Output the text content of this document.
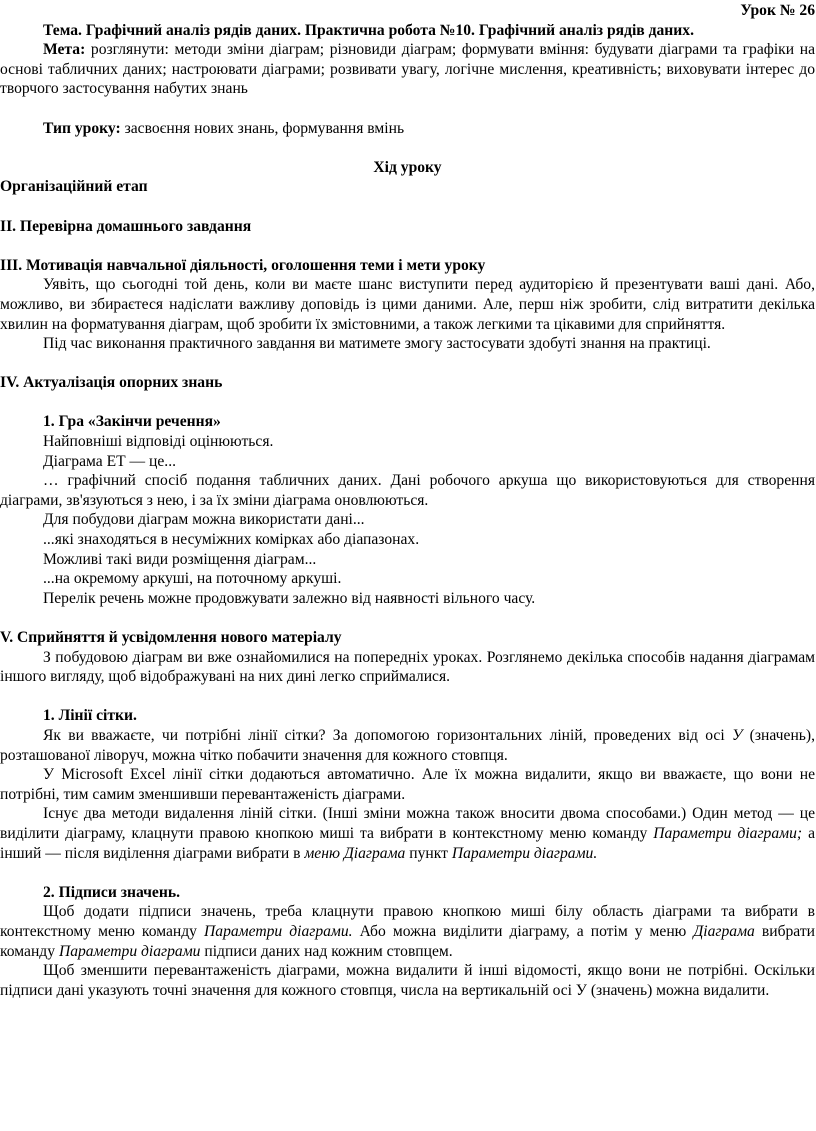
Урок № 26

Тема. Графічний аналіз рядів даних. Практична робота №10. Графічний аналіз рядів даних.

Мета: розглянути: методи зміни діаграм; різновиди діаграм; формувати вміння: будувати діаграми та графіки на основі табличних даних; настроювати діаграми; розвивати увагу, логічне мислення, креативність; виховувати інтерес до творчого застосування набутих знань

Тип уроку: засвоєння нових знань, формування вмінь

Хід уроку

Організаційний етап

II. Перевірна домашнього завдання

III. Мотивація навчальної діяльності, оголошення теми і мети уроку

Уявіть, що сьогодні той день, коли ви маєте шанс виступити перед аудиторією й презентувати ваші дані. Або, можливо, ви збираєтеся надіслати важливу доповідь із цими даними. Але, перш ніж зробити, слід витратити декілька хвилин на форматування діаграм, щоб зробити їх змістовними, а також легкими та цікавими для сприйняття.

Під час виконання практичного завдання ви матимете змогу застосувати здобуті знання на практиці.

IV. Актуалізація опорних знань

1. Гра «Закінчи речення»

Найповніші відповіді оцінюються.

Діаграма ЕТ — це...

… графічний спосіб подання табличних даних. Дані робочого аркуша що використовуються для створення діаграми, зв'язуються з нею, і за їх зміни діаграма оновлюються.

Для побудови діаграм можна використати дані...

...які знаходяться в несуміжних комірках або діапазонах.

Можливі такі види розміщення діаграм...

...на окремому аркуші, на поточному аркуші.

Перелік речень можне продовжувати залежно від наявності вільного часу.

V. Сприйняття й усвідомлення нового матеріалу

З побудовою діаграм ви вже ознайомилися на попередніх уроках. Розглянемо декілька способів надання діаграмам іншого вигляду, щоб відображувані на них дині легко сприймалися.

1. Лінії сітки.

Як ви вважаєте, чи потрібні лінії сітки? За допомогою горизонтальних ліній, проведених від осі У (значень), розташованої ліворуч, можна чітко побачити значення для кожного стовпця.

У Microsoft Excel лінії сітки додаються автоматично. Але їх можна видалити, якщо ви вважаєте, що вони не потрібні, тим самим зменшивши перевантаженість діаграми.

Існує два методи видалення ліній сітки. (Інші зміни можна також вносити двома способами.) Один метод — це виділити діаграму, клацнути правою кнопкою миші та вибрати в контекстному меню команду Параметри діаграми; а інший — після виділення діаграми вибрати в меню Діаграма пункт Параметри діаграми.

2. Підписи значень.

Щоб додати підписи значень, треба клацнути правою кнопкою миші білу область діаграми та вибрати в контекстному меню команду Параметри діаграми. Або можна виділити діаграму, а потім у меню Діаграма вибрати команду Параметри діаграми підписи даних над кожним стовпцем.

Щоб зменшити перевантаженість діаграми, можна видалити й інші відомості, якщо вони не потрібні. Оскільки підписи дані указують точні значення для кожного стовпця, числа на вертикальній осі У (значень) можна видалити.
